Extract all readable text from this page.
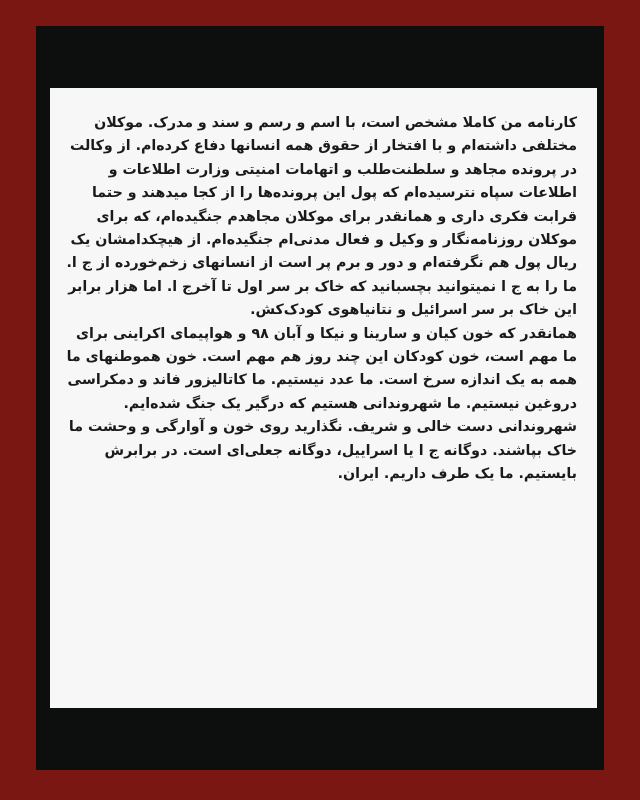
کارنامه من کاملا مشخص است، با اسم و رسم و سند و مدرک. موکلان مختلفی داشته‌ام و با افتخار از حقوق همه انسانها دفاع کرده‌ام. از وکالت در پرونده مجاهد و سلطنت‌طلب و اتهامات امنیتی وزارت اطلاعات و اطلاعات سپاه نترسیده‌ام که پول این پرونده‌ها را از کجا میدهند و حتما قرابت فکری داری و همانقدر برای موکلان مجاهدم جنگیده‌ام، که برای موکلان روزنامه‌نگار و وکیل و فعال مدنی‌ام جنگیده‌ام. از هیچکدامشان یک ریال پول هم نگرفته‌ام و دور و برم پر است از انسانهای زخم‌خورده از ج ا. ما را به ج ا نمیتوانید بچسبانید که خاک بر سر اول تا آخرج ا. اما هزار برابر این خاک بر سر اسرائیل و نتانیاهوی کودک‌کش.

همانقدر که خون کیان و سارینا و نیکا و آبان ۹۸ و هواپیمای اکراینی برای ما مهم است، خون کودکان این چند روز هم مهم است. خون هموطنهای ما همه به یک اندازه سرخ است. ما عدد نیستیم. ما کاتالیزور فاند و دمکراسی دروغین نیستیم. ما شهروندانی هستیم که درگیر یک جنگ شده‌ایم. شهروندانی دست خالی و شریف. نگذارید روی خون و آوارگی و وحشت ما خاک بپاشند. دوگانه ج ا یا اسراییل، دوگانه جعلی‌ای است. در برابرش بایستیم. ما یک طرف داریم. ایران.
